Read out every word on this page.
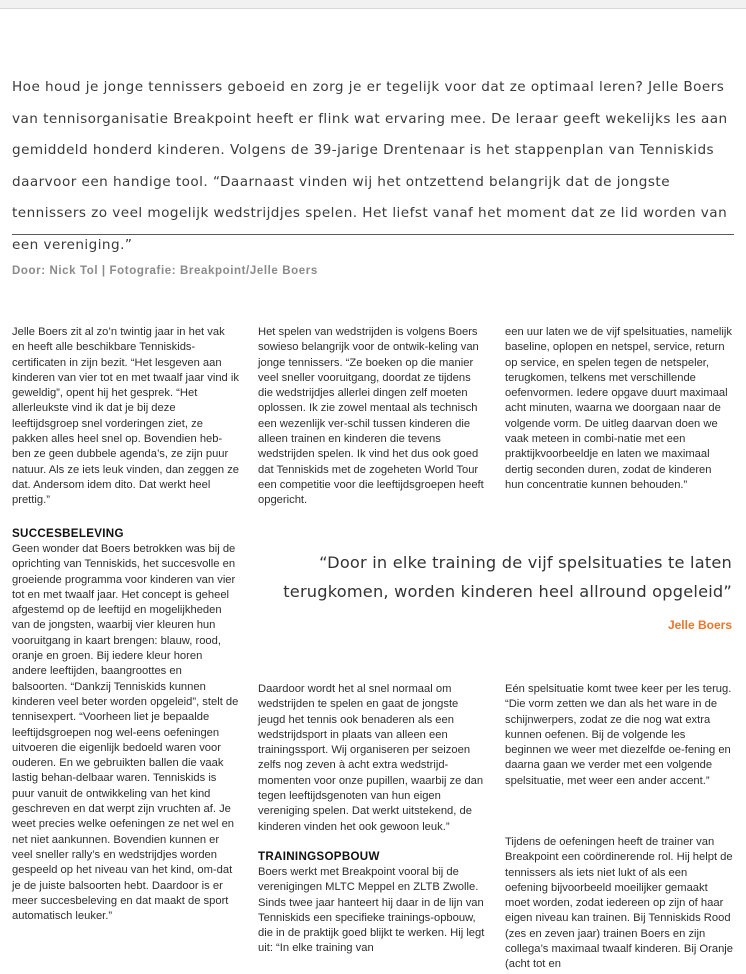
Hoe houd je jonge tennissers geboeid en zorg je er tegelijk voor dat ze optimaal leren? Jelle Boers van tennisorganisatie Breakpoint heeft er flink wat ervaring mee. De leraar geeft wekelijks les aan gemiddeld honderd kinderen. Volgens de 39-jarige Drentenaar is het stappenplan van Tenniskids daarvoor een handige tool. “Daarnaast vinden wij het ontzettend belangrijk dat de jongste tennissers zo veel mogelijk wedstrijdjes spelen. Het liefst vanaf het moment dat ze lid worden van een vereniging.”

Door: Nick Tol | Fotografie: Breakpoint/Jelle Boers

Jelle Boers zit al zo’n twintig jaar in het vak en heeft alle beschikbare Tenniskids-certificaten in zijn bezit. “Het lesgeven aan kinderen van vier tot en met twaalf jaar vind ik geweldig”, opent hij het gesprek. “Het allerleukste vind ik dat je bij deze leeftijdsgroep snel vorderingen ziet, ze pakken alles heel snel op. Bovendien heb-ben ze geen dubbele agenda’s, ze zijn puur natuur. Als ze iets leuk vinden, dan zeggen ze dat. Andersom idem dito. Dat werkt heel prettig.”

SUCCESBELEVING

Geen wonder dat Boers betrokken was bij de oprichting van Tenniskids, het succesvolle en groeiende programma voor kinderen van vier tot en met twaalf jaar. Het concept is geheel afgestemd op de leeftijd en mogelijkheden van de jongsten, waarbij vier kleuren hun vooruitgang in kaart brengen: blauw, rood, oranje en groen. Bij iedere kleur horen andere leeftijden, baangroottes en balsoorten. “Dankzij Tenniskids kunnen kinderen veel beter worden opgeleid”, stelt de tennisexpert. “Voorheen liet je bepaalde leeftijdsgroepen nog wel-eens oefeningen uitvoeren die eigenlijk bedoeld waren voor ouderen. En we gebruikten ballen die vaak lastig behan-delbaar waren. Tenniskids is puur vanuit de ontwikkeling van het kind geschreven en dat werpt zijn vruchten af. Je weet precies welke oefeningen ze net wel en net niet aankunnen. Bovendien kunnen er veel sneller rally’s en wedstrijdjes worden gespeeld op het niveau van het kind, om-dat je de juiste balsoorten hebt. Daardoor is er meer succesbeleving en dat maakt de sport automatisch leuker.”

Het spelen van wedstrijden is volgens Boers sowieso belangrijk voor de ontwik-keling van jonge tennissers. “Ze boeken op die manier veel sneller vooruitgang, doordat ze tijdens die wedstrijdjes allerlei dingen zelf moeten oplossen. Ik zie zowel mentaal als technisch een wezenlijk ver-schil tussen kinderen die alleen trainen en kinderen die tevens wedstrijden spelen. Ik vind het dus ook goed dat Tenniskids met de zogeheten World Tour een competitie voor die leeftijdsgroepen heeft opgericht.

een uur laten we de vijf spelsituaties, namelijk baseline, oplopen en netspel, service, return op service, en spelen tegen de netspeler, terugkomen, telkens met verschillende oefenvormen. Iedere opgave duurt maximaal acht minuten, waarna we doorgaan naar de volgende vorm. De uitleg daarvan doen we vaak meteen in combi-natie met een praktijkvoorbeeldje en laten we maximaal dertig seconden duren, zodat de kinderen hun concentratie kunnen behouden.”

“Door in elke training de vijf spelsituaties te laten terugkomen, worden kinderen heel allround opgeleid”

Jelle Boers

Daardoor wordt het al snel normaal om wedstrijden te spelen en gaat de jongste jeugd het tennis ook benaderen als een wedstrijdsport in plaats van alleen een trainingssport. Wij organiseren per seizoen zelfs nog zeven à acht extra wedstrijd-momenten voor onze pupillen, waarbij ze dan tegen leeftijdsgenoten van hun eigen vereniging spelen. Dat werkt uitstekend, de kinderen vinden het ook gewoon leuk.”

TRAININGSOPBOUW

Boers werkt met Breakpoint vooral bij de verenigingen MLTC Meppel en ZLTB Zwolle. Sinds twee jaar hanteert hij daar in de lijn van Tenniskids een specifieke trainings-opbouw, die in de praktijk goed blijkt te werken. Hij legt uit: “In elke training van

Eén spelsituatie komt twee keer per les terug. “Die vorm zetten we dan als het ware in de schijnwerpers, zodat ze die nog wat extra kunnen oefenen. Bij de volgende les beginnen we weer met diezelfde oe-fening en daarna gaan we verder met een volgende spelsituatie, met weer een ander accent.”

Tijdens de oefeningen heeft de trainer van Breakpoint een coördinerende rol. Hij helpt de tennissers als iets niet lukt of als een oefening bijvoorbeeld moeilijker gemaakt moet worden, zodat iedereen op zijn of haar eigen niveau kan trainen. Bij Tenniskids Rood (zes en zeven jaar) trainen Boers en zijn collega’s maximaal twaalf kinderen. Bij Oranje (acht tot en
